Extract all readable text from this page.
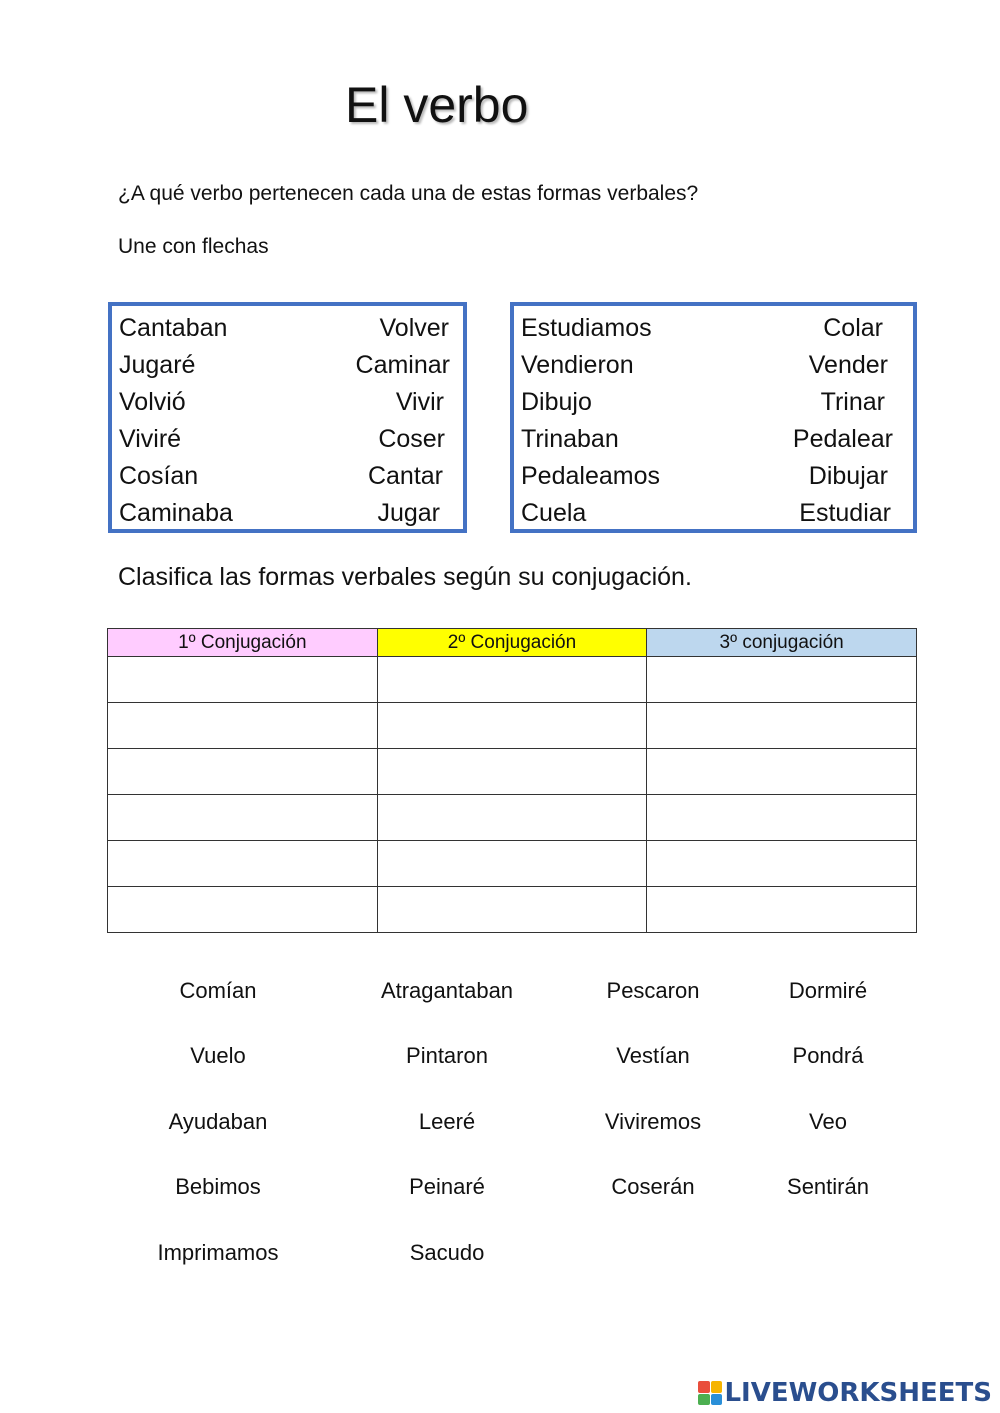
El verbo
¿A qué verbo pertenecen cada una de estas formas verbales?
Une con flechas
Cantaban	Volver
Jugaré	Caminar
Volvió	Vivir
Viviré	Coser
Cosían	Cantar
Caminaba	Jugar
Estudiamos	Colar
Vendieron	Vender
Dibujo	Trinar
Trinaban	Pedalear
Pedaleamos	Dibujar
Cuela	Estudiar
Clasifica las formas verbales según su conjugación.
1º Conjugación	2º Conjugación	3º conjugación

Comían	Atragantaban	Pescaron	Dormiré
Vuelo	Pintaron	Vestían	Pondrá
Ayudaban	Leeré	Viviremos	Veo
Bebimos	Peinaré	Coserán	Sentirán
Imprimamos	Sacudo
LIVEWORKSHEETS
